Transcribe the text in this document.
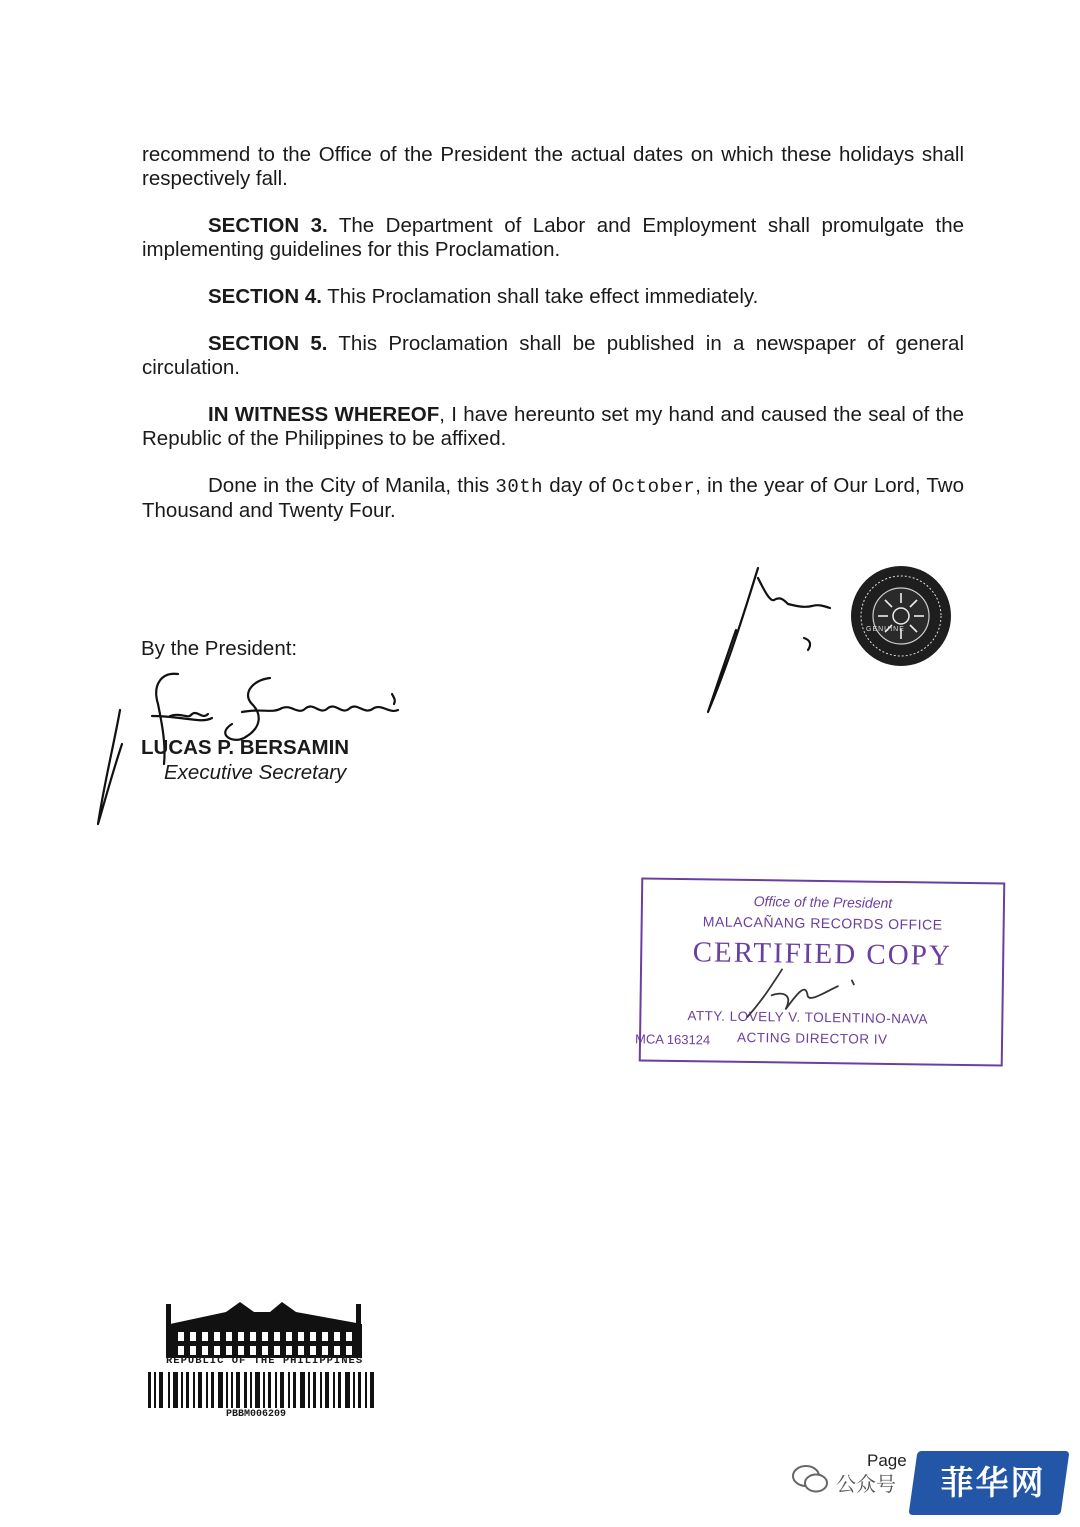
recommend to the Office of the President the actual dates on which these holidays shall respectively fall.
SECTION 3. The Department of Labor and Employment shall promulgate the implementing guidelines for this Proclamation.
SECTION 4. This Proclamation shall take effect immediately.
SECTION 5. This Proclamation shall be published in a newspaper of general circulation.
IN WITNESS WHEREOF, I have hereunto set my hand and caused the seal of the Republic of the Philippines to be affixed.
Done in the City of Manila, this 30th day of October, in the year of Our Lord, Two Thousand and Twenty Four.
GENUINE
By the President:
LUCAS P. BERSAMIN
Executive Secretary
Office of the President
MALACAÑANG RECORDS OFFICE
CERTIFIED COPY
ATTY. LOVELY V. TOLENTINO-NAVA
ACTING DIRECTOR IV
MCA 163124
REPUBLIC OF THE PHILIPPINES
PBBM006209
Page
公众号	菲华网
